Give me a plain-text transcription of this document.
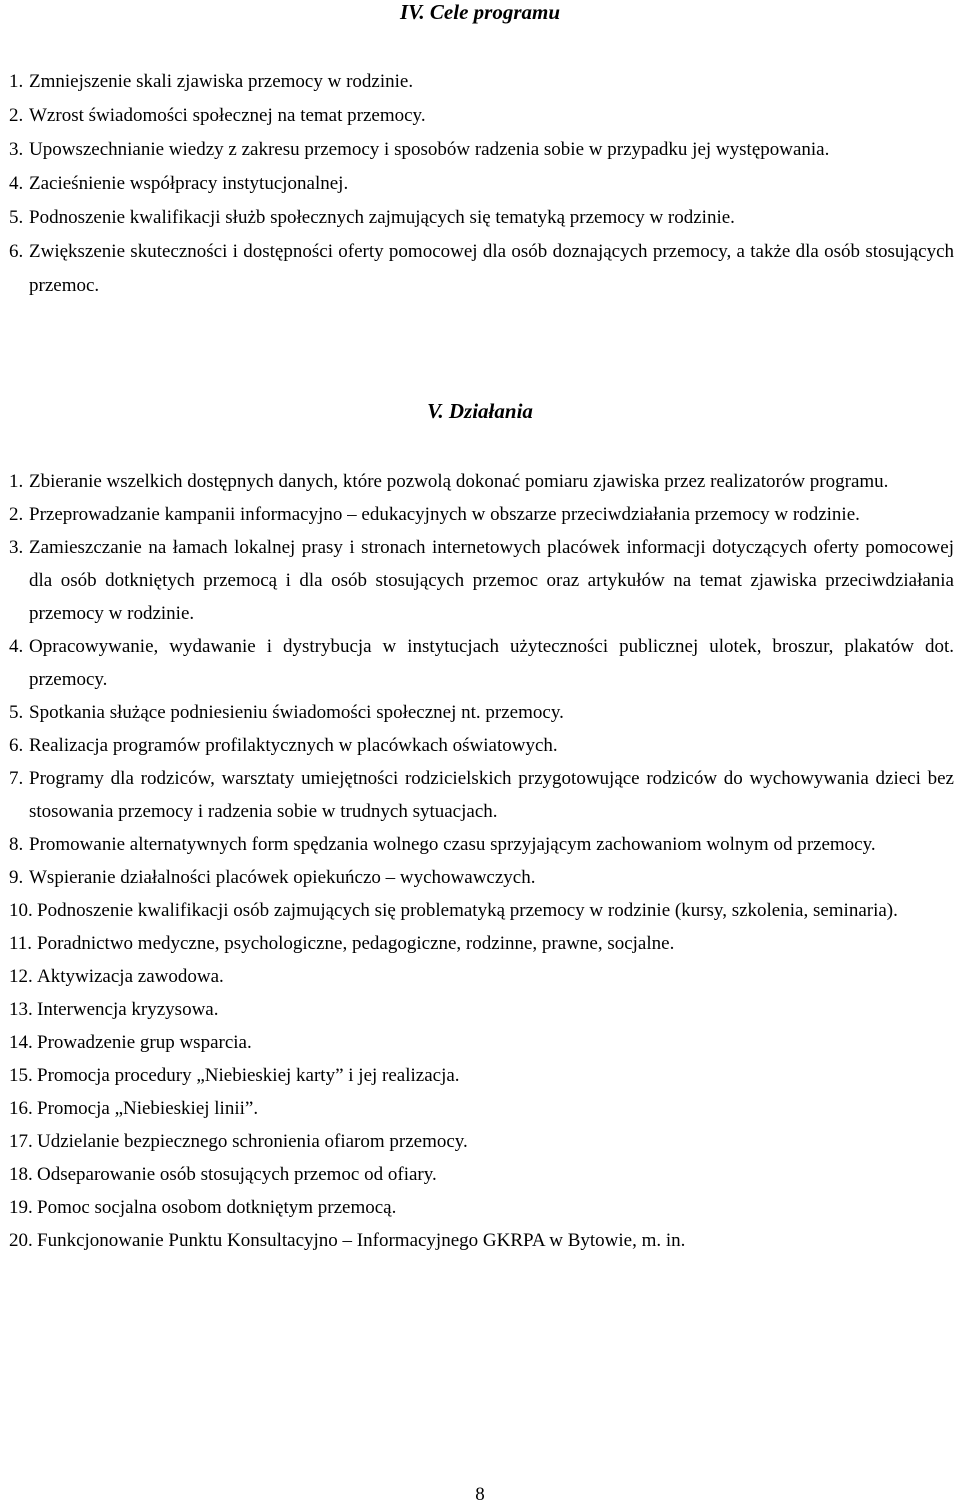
IV. Cele programu
1. Zmniejszenie skali zjawiska przemocy w rodzinie.
2. Wzrost świadomości społecznej na temat przemocy.
3. Upowszechnianie wiedzy z zakresu przemocy i sposobów radzenia sobie w przypadku jej występowania.
4. Zacieśnienie współpracy instytucjonalnej.
5. Podnoszenie kwalifikacji służb społecznych zajmujących się tematyką przemocy w rodzinie.
6. Zwiększenie skuteczności i dostępności oferty pomocowej dla osób doznających przemocy, a także dla osób stosujących przemoc.
V. Działania
1. Zbieranie wszelkich dostępnych danych, które pozwolą dokonać pomiaru zjawiska przez realizatorów programu.
2. Przeprowadzanie kampanii informacyjno – edukacyjnych w obszarze przeciwdziałania przemocy w rodzinie.
3. Zamieszczanie na łamach lokalnej prasy i stronach internetowych placówek informacji dotyczących oferty pomocowej dla osób dotkniętych przemocą i dla osób stosujących przemoc oraz artykułów na temat zjawiska przeciwdziałania przemocy w rodzinie.
4. Opracowywanie, wydawanie i dystrybucja w instytucjach użyteczności publicznej ulotek, broszur, plakatów dot. przemocy.
5. Spotkania służące podniesieniu świadomości społecznej nt. przemocy.
6. Realizacja programów profilaktycznych w placówkach oświatowych.
7. Programy dla rodziców, warsztaty umiejętności rodzicielskich przygotowujące rodziców do wychowywania dzieci bez stosowania przemocy i radzenia sobie w trudnych sytuacjach.
8. Promowanie alternatywnych form spędzania wolnego czasu sprzyjającym zachowaniom wolnym od przemocy.
9. Wspieranie działalności placówek opiekuńczo – wychowawczych.
10. Podnoszenie kwalifikacji osób zajmujących się problematyką przemocy w rodzinie (kursy, szkolenia, seminaria).
11. Poradnictwo medyczne, psychologiczne, pedagogiczne, rodzinne, prawne, socjalne.
12. Aktywizacja zawodowa.
13. Interwencja kryzysowa.
14. Prowadzenie grup wsparcia.
15. Promocja procedury „Niebieskiej karty” i jej realizacja.
16. Promocja „Niebieskiej linii”.
17. Udzielanie bezpiecznego schronienia ofiarom przemocy.
18. Odseparowanie osób stosujących przemoc od ofiary.
19. Pomoc socjalna osobom dotkniętym przemocą.
20. Funkcjonowanie Punktu Konsultacyjno – Informacyjnego GKRPA w Bytowie, m. in.
8
